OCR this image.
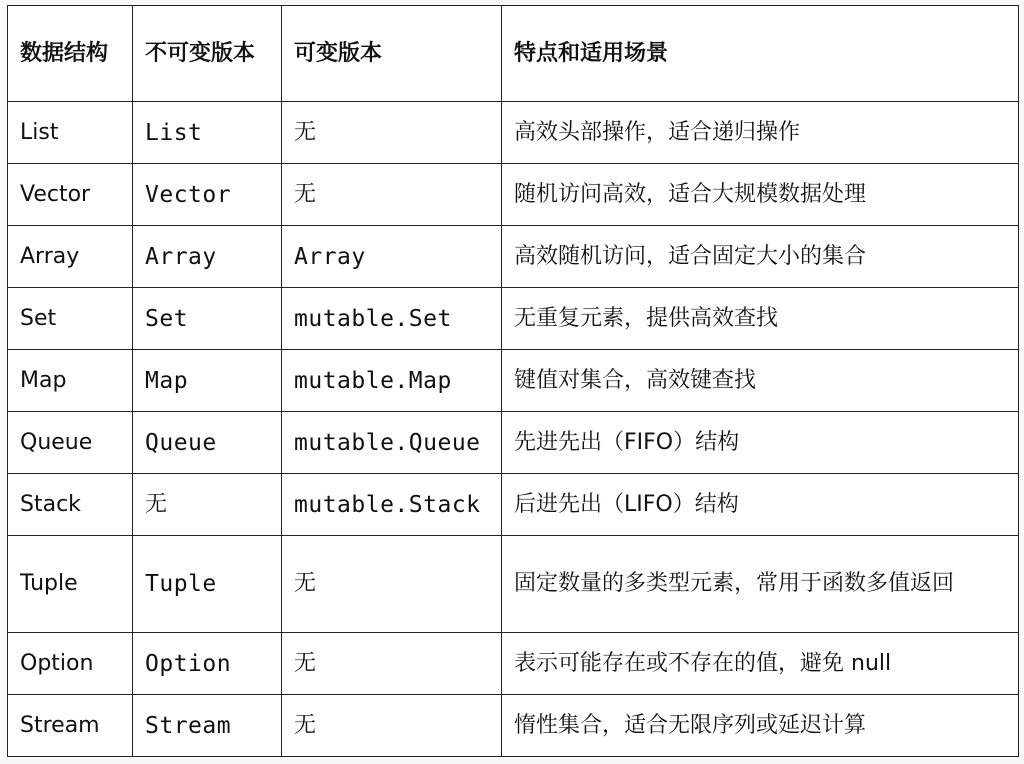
数据结构	不可变版本	可变版本	特点和适用场景
List	List	无	高效头部操作，适合递归操作
Vector	Vector	无	随机访问高效，适合大规模数据处理
Array	Array	Array	高效随机访问，适合固定大小的集合
Set	Set	mutable.Set	无重复元素，提供高效查找
Map	Map	mutable.Map	键值对集合，高效键查找
Queue	Queue	mutable.Queue	先进先出（FIFO）结构
Stack	无	mutable.Stack	后进先出（LIFO）结构
Tuple	Tuple	无	固定数量的多类型元素，常用于函数多值返回
Option	Option	无	表示可能存在或不存在的值，避免 null
Stream	Stream	无	惰性集合，适合无限序列或延迟计算
